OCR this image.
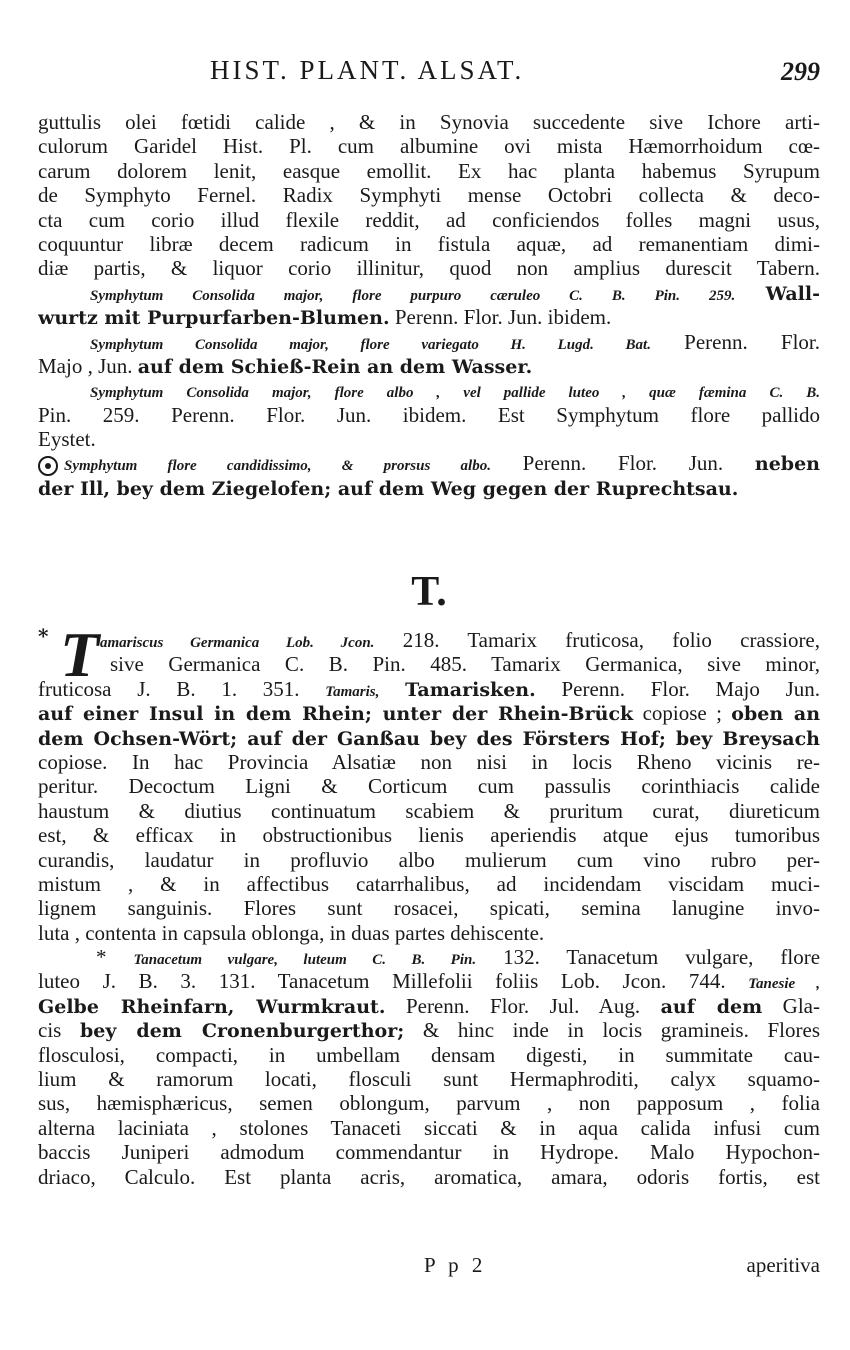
HIST. PLANT. ALSAT.	299
guttulis olei fœtidi calide , & in Synovia succedente sive Ichore arti-
culorum Garidel Hist. Pl. cum albumine ovi mista Hæmorrhoidum cœ-
carum dolorem lenit, easque emollit. Ex hac planta habemus Syrupum
de Symphyto Fernel. Radix Symphyti mense Octobri collecta & deco-
cta cum corio illud flexile reddit, ad conficiendos folles magni usus,
coquuntur libræ decem radicum in fistula aquæ, ad remanentiam dimi-
diæ partis, & liquor corio illinitur, quod non amplius durescit Tabern.
Symphytum Consolida major, flore purpuro cæruleo C. B. Pin. 259. Wall-
wurtz mit Purpurfarben-Blumen. Perenn. Flor. Jun. ibidem.
Symphytum Consolida major, flore variegato H. Lugd. Bat. Perenn. Flor.
Majo , Jun. auf dem Schieß-Rein an dem Wasser.
Symphytum Consolida major, flore albo , vel pallide luteo , quæ fæmina C. B.
Pin. 259. Perenn. Flor. Jun. ibidem. Est Symphytum flore pallido
Eystet.
Symphytum flore candidissimo, & prorsus albo. Perenn. Flor. Jun. neben
der Ill, bey dem Ziegelofen; auf dem Weg gegen der Ruprechtsau.
T.
* T amariscus Germanica Lob. Jcon. 218. Tamarix fruticosa, folio crassiore,
sive Germanica C. B. Pin. 485. Tamarix Germanica, sive minor,
fruticosa J. B. 1. 351. Tamaris, Tamarisken. Perenn. Flor. Majo Jun.
auf einer Insul in dem Rhein; unter der Rhein-Brück copiose ; oben an
dem Ochsen-Wört; auf der Ganßau bey des Försters Hof; bey Breysach
copiose. In hac Provincia Alsatiæ non nisi in locis Rheno vicinis re-
peritur. Decoctum Ligni & Corticum cum passulis corinthiacis calide
haustum & diutius continuatum scabiem & pruritum curat, diureticum
est, & efficax in obstructionibus lienis aperiendis atque ejus tumoribus
curandis, laudatur in profluvio albo mulierum cum vino rubro per-
mistum , & in affectibus catarrhalibus, ad incidendam viscidam muci-
lignem sanguinis. Flores sunt rosacei, spicati, semina lanugine invo-
luta , contenta in capsula oblonga, in duas partes dehiscente.
* Tanacetum vulgare, luteum C. B. Pin. 132. Tanacetum vulgare, flore
luteo J. B. 3. 131. Tanacetum Millefolii foliis Lob. Jcon. 744. Tanesie ,
Gelbe Rheinfarn, Wurmkraut. Perenn. Flor. Jul. Aug. auf dem Gla-
cis bey dem Cronenburgerthor; & hinc inde in locis gramineis. Flores
flosculosi, compacti, in umbellam densam digesti, in summitate cau-
lium & ramorum locati, flosculi sunt Hermaphroditi, calyx squamo-
sus, hæmisphæricus, semen oblongum, parvum , non papposum , folia
alterna laciniata , stolones Tanaceti siccati & in aqua calida infusi cum
baccis Juniperi admodum commendantur in Hydrope. Malo Hypochon-
driaco, Calculo. Est planta acris, aromatica, amara, odoris fortis, est
P p 2	aperitiva
